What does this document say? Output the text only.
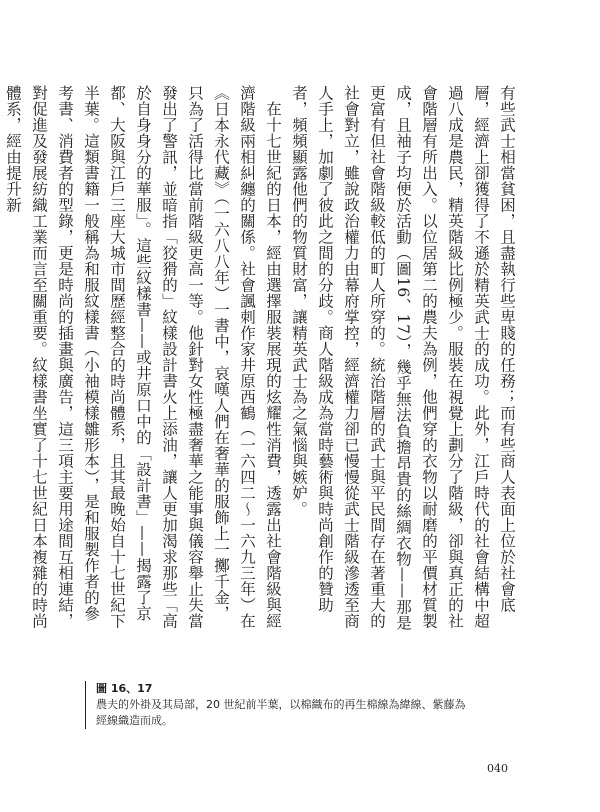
有些武士相當貧困，且盡執行些卑賤的任務；而有些商人表面上位於社會底層，經濟上卻獲得了不遜於精英武士的成功。此外，江戶時代的社會結構中超過八成是農民，精英階級比例極少。服裝在視覺上劃分了階級，卻與真正的社會階層有所出入。以位居第二的農夫為例，他們穿的衣物以耐磨的平價材質製成，且袖子均便於活動（圖16、17），幾乎無法負擔昂貴的絲綢衣物——那是更富有但社會階級較低的町人所穿的。統治階層的武士與平民間存在著重大的社會對立，雖說政治權力由幕府掌控，經濟權力卻已慢慢從武士階級滲透至商人手上，加劇了彼此之間的分歧。商人階級成為當時藝術與時尚創作的贊助者，頻頻顯露他們的物質財富，讓精英武士為之氣惱與嫉妒。

在十七世紀的日本，經由選擇服裝展現的炫耀性消費，透露出社會階級與經濟階級兩相糾纏的關係。社會諷刺作家井原西鶴（一六四二～一六九三年）在《日本永代藏》（一六八八年）一書中，哀嘆人們在奢華的服飾上一擲千金，只為了活得比當前階級更高一等。他針對女性極盡奢華之能事與儀容舉止失當發出了警訊，並暗指「狡猾的」紋樣設計書火上添油，讓人更加渴求那些「高於自身身分的華服」。這些紋樣書——或井原口中的「設計書」——揭露了京都、大阪與江戶三座大城市間歷經整合的時尚體系，且其最晚始自十七世紀下半葉。這類書籍一般稱為和服紋樣書（小袖模樣雛形本），是和服製作者的參考書、消費者的型錄，更是時尚的插畫與廣告，這三項主要用途間互相連結，對促進及發展紡織工業而言至關重要。紋樣書坐實了十七世紀日本複雜的時尚體系，經由提升新

圖 16、17
農夫的外褂及其局部，20 世紀前半葉，以棉織布的再生棉線為緯線、紫藤為經線織造而成。
040
